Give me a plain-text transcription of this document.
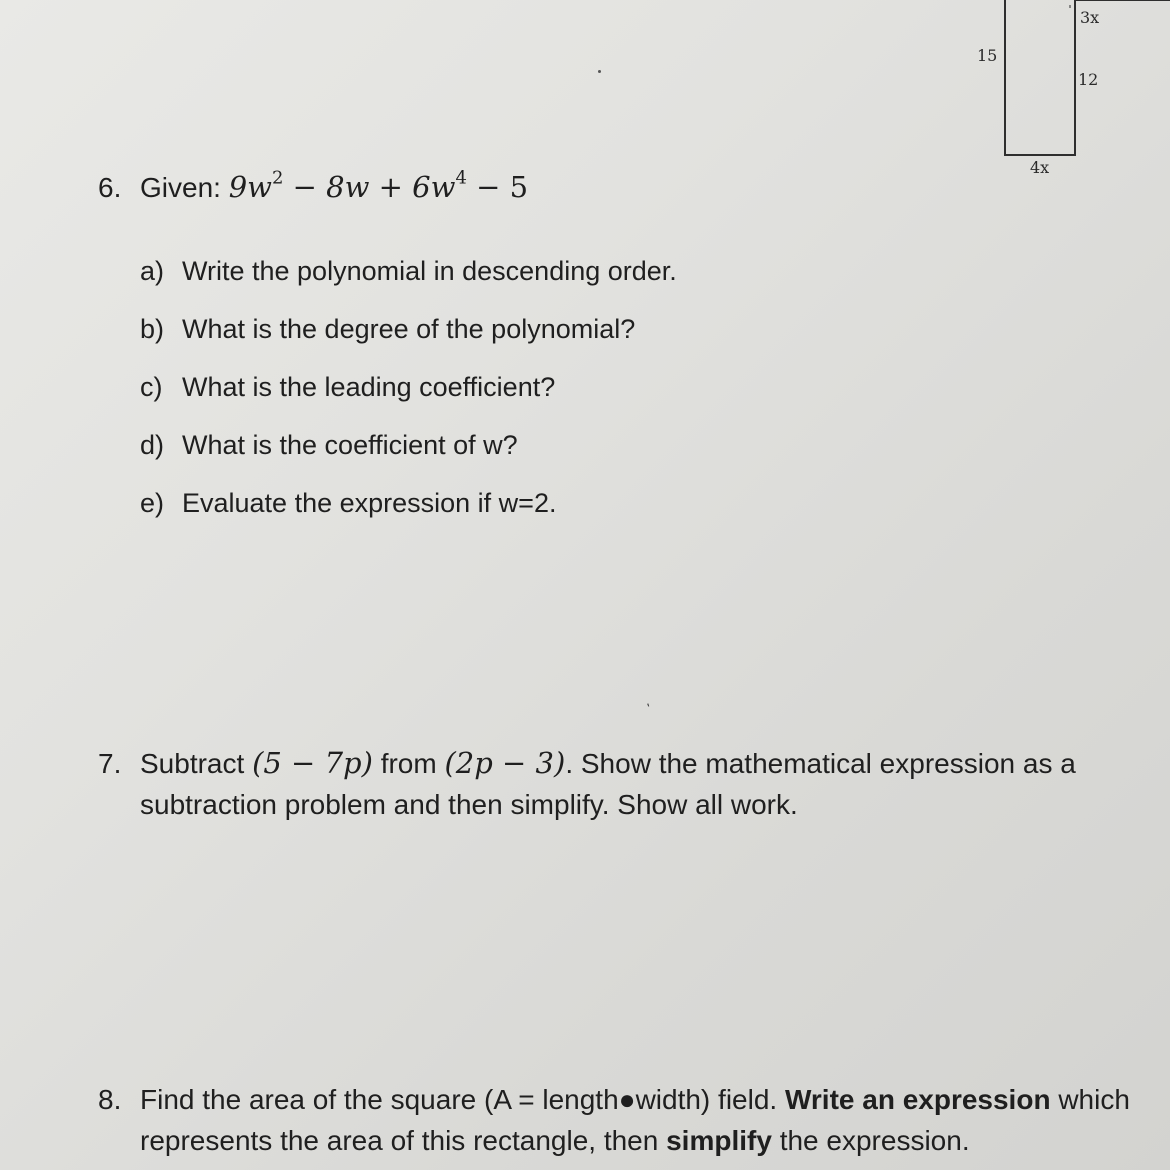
3x
15
12
4x
6. Given: $9w^2 - 8w + 6w^4 - 5$
a) Write the polynomial in descending order.
b) What is the degree of the polynomial?
c) What is the leading coefficient?
d) What is the coefficient of w?
e) Evaluate the expression if w=2.
ʹ
7. Subtract (5 − 7p) from (2p − 3). Show the mathematical expression as a
subtraction problem and then simplify. Show all work.
8. Find the area of the square (A = length●width) field. Write an expression which
represents the area of this rectangle, then simplify the expression.
